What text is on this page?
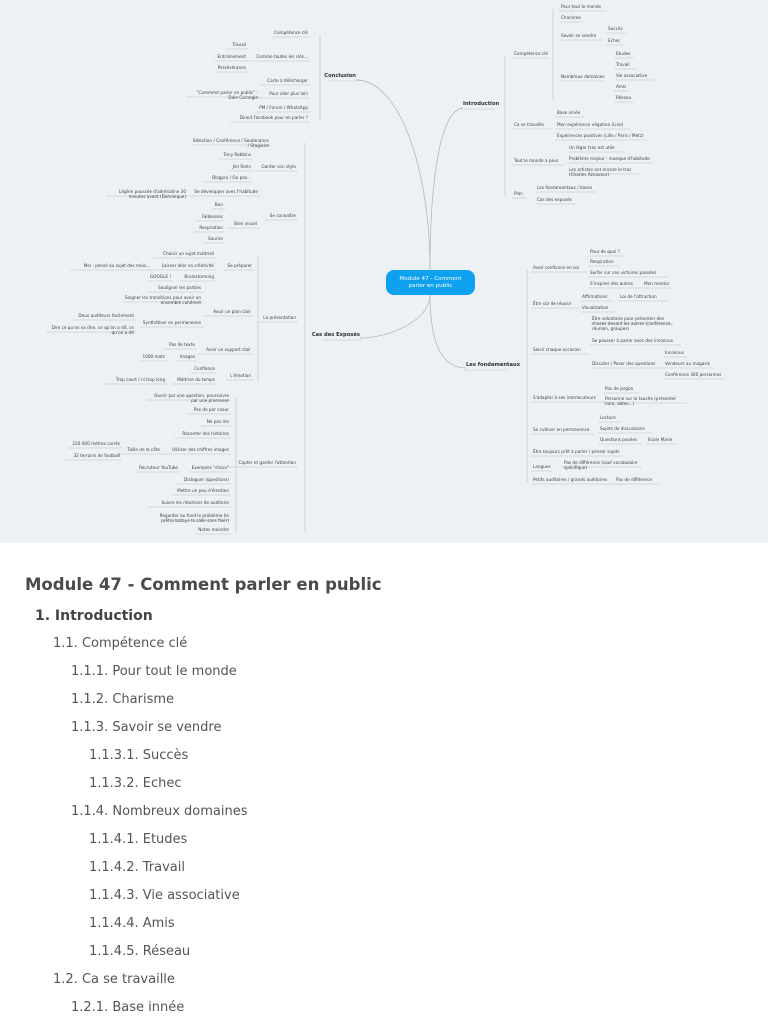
Introduction
Compétence clé
Pour tout le monde
Charisme
Savoir se vendre
Succès
Echec
Nombreux domaines
Etudes
Travail
Vie associative
Amis
Réseau
Ca se travaille
Base innée
Mon expérience négative (Lino)
Expériences positives (Lille / Paris / Metz)
Tout le monde a peur
Un léger trac est utile
Problème majeur : manque d'habitude
Les artistes ont encore le trac (Charles Aznavour)
Plan
Les fondamentaux / bases
Cas des exposés
Les fondamentaux
Avoir confiance en soi
Pour de quoi ?
Respiration
Surfer sur ces victoires passées
S'inspirer des autres	Mon mentor
Être sûr de réussir
Affirmations	Loi de l'attraction
Visualisation
Saisir chaque occasion
Être volontaire pour présenter des choses devant les autres (conférence, réunion, groupes)
Se pousser à parler avec des inconnus
Discuter / Poser des questions
Inconnus
Vendeurs au magasin
Conférence 300 personnes
S'adapter à ses interlocuteurs
Pas de jargon
Personne sur la touche (présenter nom, dates...)
Se cultiver en permanence
Lecture
Sujets de discussions
Questions posées	Ecole Marie
Être toujours prêt à parler / penser sujets
Langues
Pas de différence (sauf vocabulaire spécifique)
Petits auditoires / grands auditoires Pas de différence
Conclusion
Compétence clé
Comme toutes les clés...
Travail
Entraînement
Persévérance
Carte à télécharger
Pour aller plus loin
"Comment parler en public" - Dale Carnegie
PM / Forum / WhatsApp
Direct Facebook pour en parler ?
Cas des Exposés
Garder son style
Sélection / Conférence / Soutenance / Stagiaire
Tony Robbins
Jim Rohn
Blogpro / Ou pas...
Se connaître
Se développer avec l'habitude
Légère poussée d'adrénaline 30 minutes avant (Dominique)
Bien visuel
Bon
Faiblesses
Respiration
Sourire
Se préparer
Choisir un sujet maîtrisé
Laisser aller sa créativité
Moi : pensé au sujet des mois...
GOOGLE !	Brainstorming
La présentation
Avoir un plan clair
Souligner les parties
Soigner les transitions pour avoir un ensemble cohérent
Synthétiser en permanence
Deux auditeurs facilement
Dire ce qu'on va dire, ce qu'on a dit, ce qu'on a dit
Avoir un support clair
Pas de texte
Images
1000 mots
L'émotion
Confiance
Maîtrise du temps
Trop court / ni trop long
Capter et garder l'attention
Ouvrir par une question, poursuivre par une promesse
Pas de par coeur
Ne pas lire
Raconter des histoires
Utiliser des chiffres images
Taille de la côte
220 000 mètres carrés
32 terrains de football
Exemples "chocs"
Recruteur YouTube
Dialoguer (questions)
Mettre un peu d'émotion
Suivre les réactions de auditoire
Regarder au fond le problème (le prêtre bataye la salle sans fixer)
Notes moindre
Module 47 - Comment parler en public
Module 47 - Comment parler en public
1. Introduction
1.1. Compétence clé
1.1.1. Pour tout le monde
1.1.2. Charisme
1.1.3. Savoir se vendre
1.1.3.1. Succès
1.1.3.2. Echec
1.1.4. Nombreux domaines
1.1.4.1. Etudes
1.1.4.2. Travail
1.1.4.3. Vie associative
1.1.4.4. Amis
1.1.4.5. Réseau
1.2. Ca se travaille
1.2.1. Base innée
